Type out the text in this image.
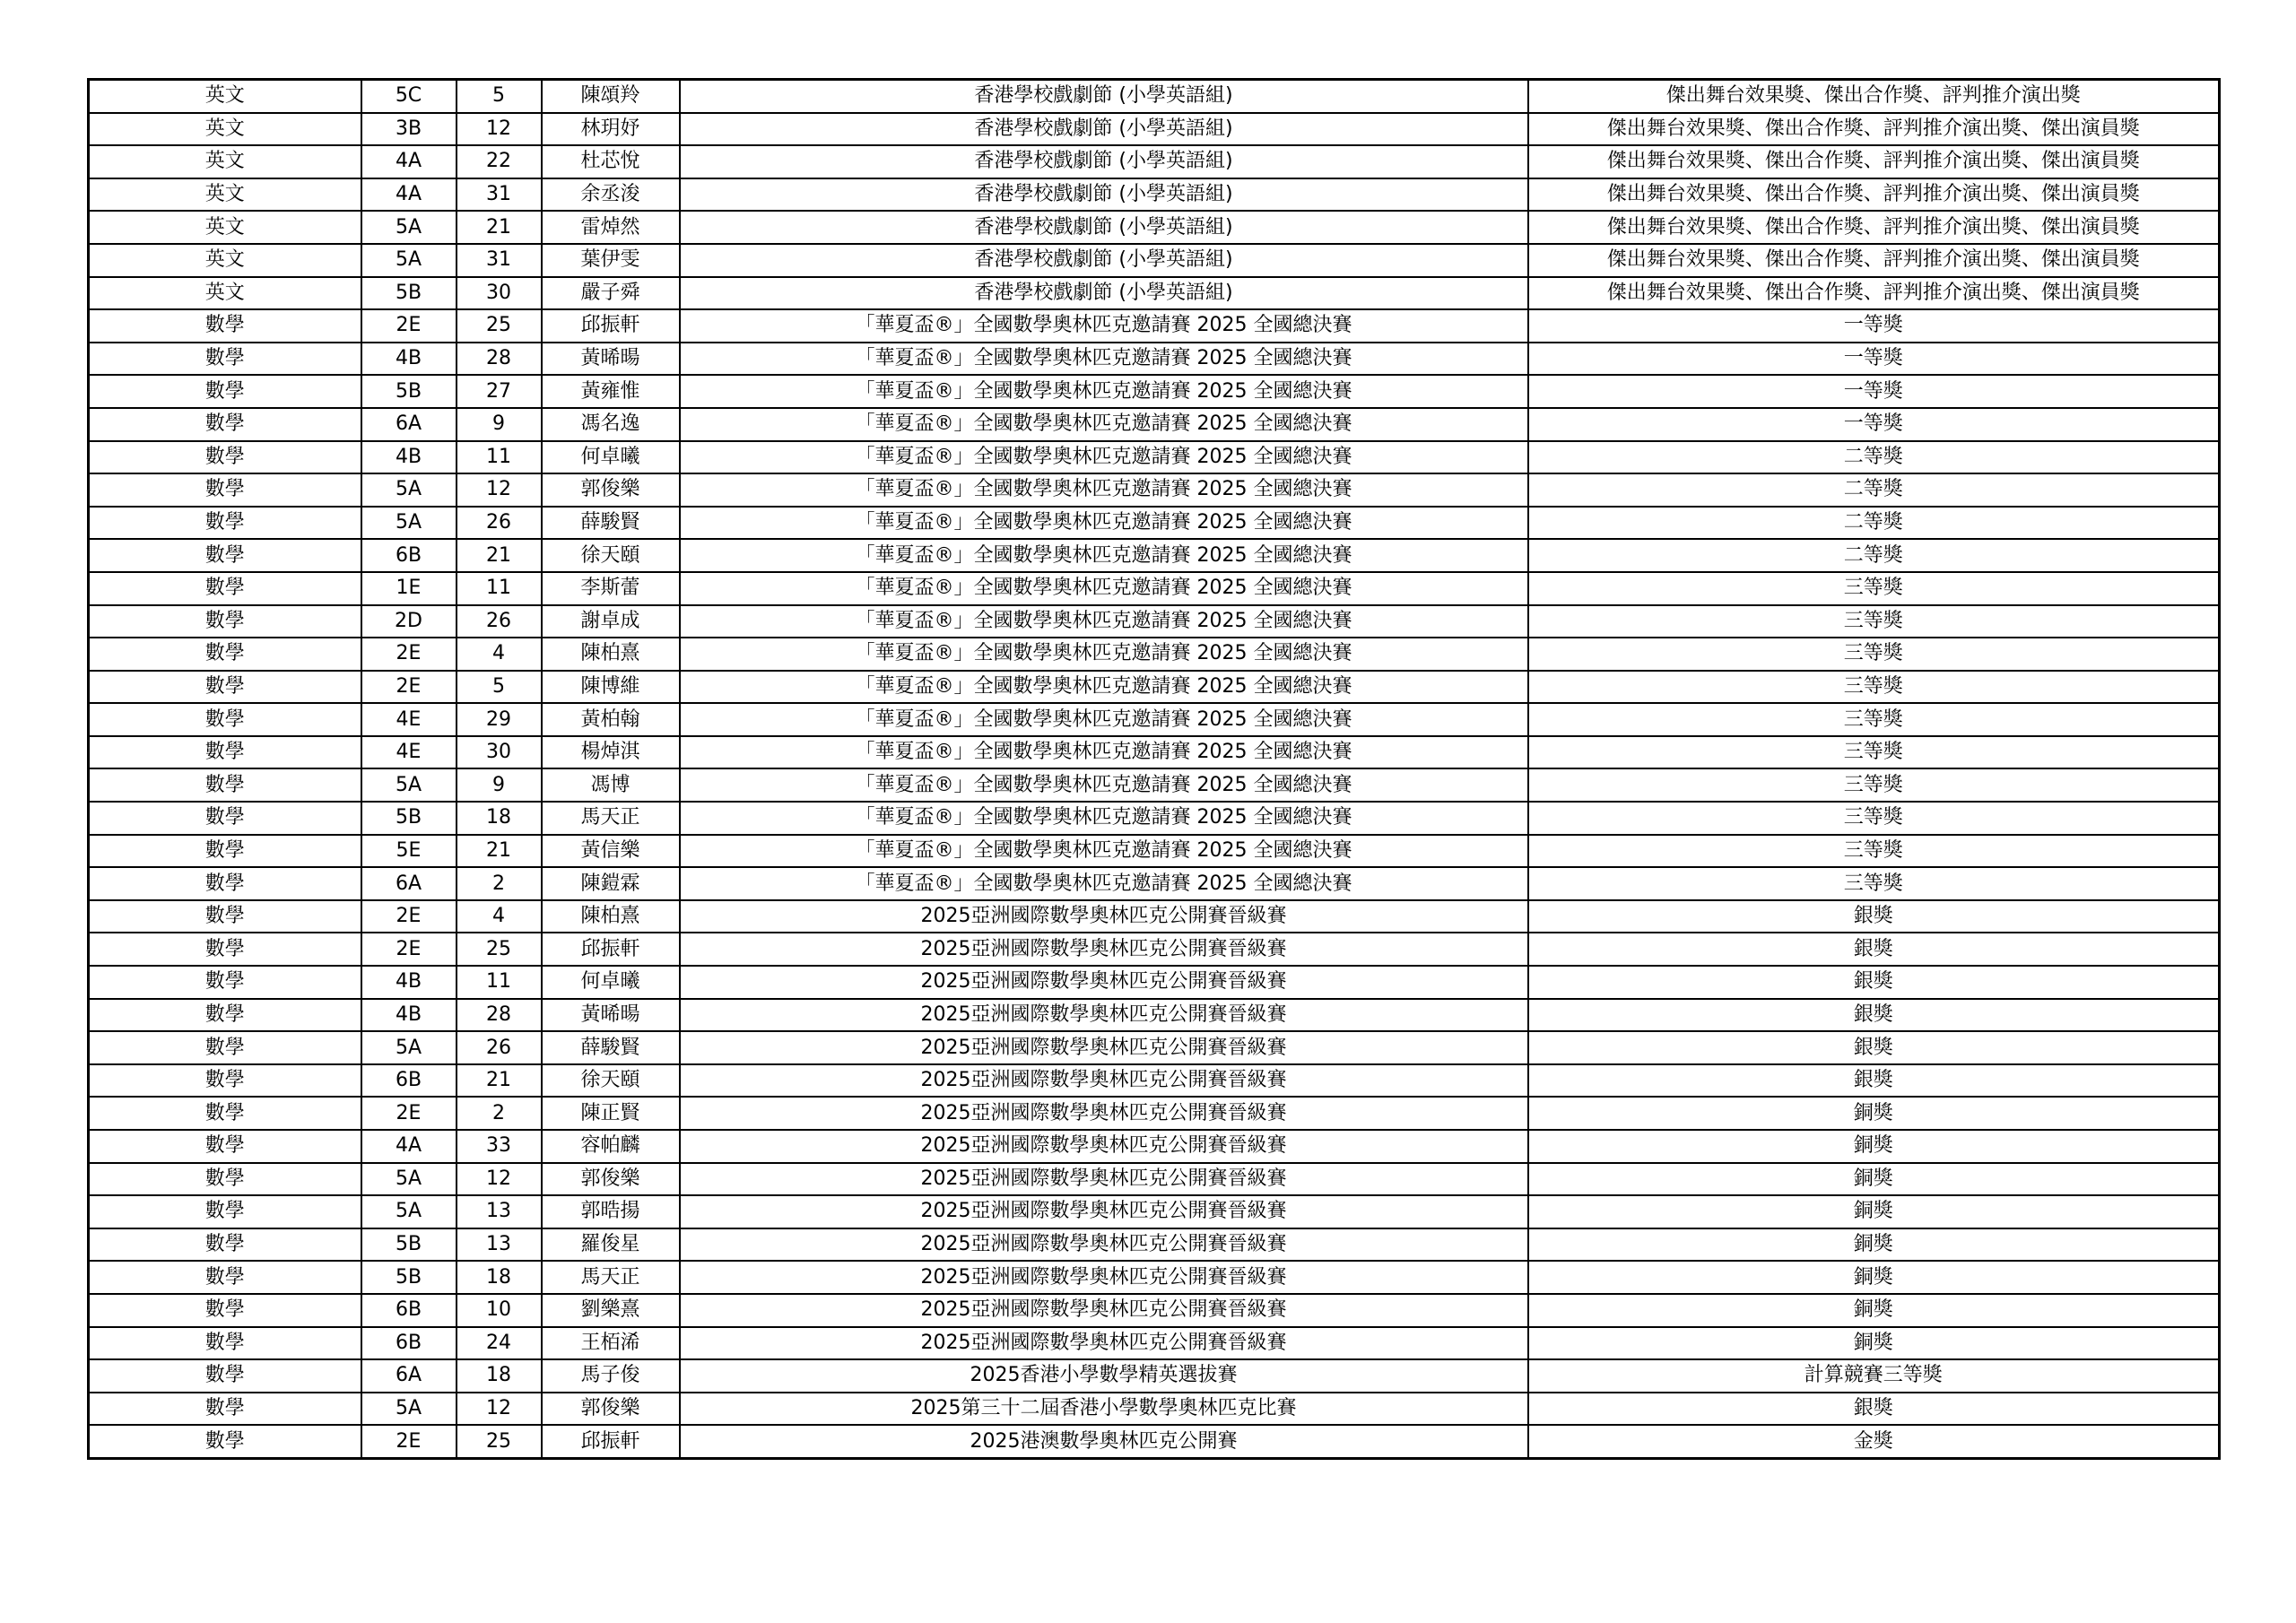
英文	5C	5	陳頌羚	香港學校戲劇節 (小學英語組)	傑出舞台效果獎、傑出合作獎、評判推介演出獎
英文	3B	12	林玥妤	香港學校戲劇節 (小學英語組)	傑出舞台效果獎、傑出合作獎、評判推介演出獎、傑出演員獎
英文	4A	22	杜芯悅	香港學校戲劇節 (小學英語組)	傑出舞台效果獎、傑出合作獎、評判推介演出獎、傑出演員獎
英文	4A	31	余丞浚	香港學校戲劇節 (小學英語組)	傑出舞台效果獎、傑出合作獎、評判推介演出獎、傑出演員獎
英文	5A	21	雷焯然	香港學校戲劇節 (小學英語組)	傑出舞台效果獎、傑出合作獎、評判推介演出獎、傑出演員獎
英文	5A	31	葉伊雯	香港學校戲劇節 (小學英語組)	傑出舞台效果獎、傑出合作獎、評判推介演出獎、傑出演員獎
英文	5B	30	嚴子舜	香港學校戲劇節 (小學英語組)	傑出舞台效果獎、傑出合作獎、評判推介演出獎、傑出演員獎
數學	2E	25	邱振軒	「華夏盃®」全國數學奧林匹克邀請賽 2025 全國總決賽	一等獎
數學	4B	28	黃晞暘	「華夏盃®」全國數學奧林匹克邀請賽 2025 全國總決賽	一等獎
數學	5B	27	黃雍惟	「華夏盃®」全國數學奧林匹克邀請賽 2025 全國總決賽	一等獎
數學	6A	9	馮名逸	「華夏盃®」全國數學奧林匹克邀請賽 2025 全國總決賽	一等獎
數學	4B	11	何卓曦	「華夏盃®」全國數學奧林匹克邀請賽 2025 全國總決賽	二等獎
數學	5A	12	郭俊樂	「華夏盃®」全國數學奧林匹克邀請賽 2025 全國總決賽	二等獎
數學	5A	26	薛駿賢	「華夏盃®」全國數學奧林匹克邀請賽 2025 全國總決賽	二等獎
數學	6B	21	徐天頤	「華夏盃®」全國數學奧林匹克邀請賽 2025 全國總決賽	二等獎
數學	1E	11	李斯蕾	「華夏盃®」全國數學奧林匹克邀請賽 2025 全國總決賽	三等獎
數學	2D	26	謝卓成	「華夏盃®」全國數學奧林匹克邀請賽 2025 全國總決賽	三等獎
數學	2E	4	陳柏熹	「華夏盃®」全國數學奧林匹克邀請賽 2025 全國總決賽	三等獎
數學	2E	5	陳博維	「華夏盃®」全國數學奧林匹克邀請賽 2025 全國總決賽	三等獎
數學	4E	29	黃柏翰	「華夏盃®」全國數學奧林匹克邀請賽 2025 全國總決賽	三等獎
數學	4E	30	楊焯淇	「華夏盃®」全國數學奧林匹克邀請賽 2025 全國總決賽	三等獎
數學	5A	9	馮博	「華夏盃®」全國數學奧林匹克邀請賽 2025 全國總決賽	三等獎
數學	5B	18	馬天正	「華夏盃®」全國數學奧林匹克邀請賽 2025 全國總決賽	三等獎
數學	5E	21	黃信樂	「華夏盃®」全國數學奧林匹克邀請賽 2025 全國總決賽	三等獎
數學	6A	2	陳鎧霖	「華夏盃®」全國數學奧林匹克邀請賽 2025 全國總決賽	三等獎
數學	2E	4	陳柏熹	2025亞洲國際數學奧林匹克公開賽晉級賽	銀獎
數學	2E	25	邱振軒	2025亞洲國際數學奧林匹克公開賽晉級賽	銀獎
數學	4B	11	何卓曦	2025亞洲國際數學奧林匹克公開賽晉級賽	銀獎
數學	4B	28	黃晞暘	2025亞洲國際數學奧林匹克公開賽晉級賽	銀獎
數學	5A	26	薛駿賢	2025亞洲國際數學奧林匹克公開賽晉級賽	銀獎
數學	6B	21	徐天頤	2025亞洲國際數學奧林匹克公開賽晉級賽	銀獎
數學	2E	2	陳正賢	2025亞洲國際數學奧林匹克公開賽晉級賽	銅獎
數學	4A	33	容帕麟	2025亞洲國際數學奧林匹克公開賽晉級賽	銅獎
數學	5A	12	郭俊樂	2025亞洲國際數學奧林匹克公開賽晉級賽	銅獎
數學	5A	13	郭晧揚	2025亞洲國際數學奧林匹克公開賽晉級賽	銅獎
數學	5B	13	羅俊星	2025亞洲國際數學奧林匹克公開賽晉級賽	銅獎
數學	5B	18	馬天正	2025亞洲國際數學奧林匹克公開賽晉級賽	銅獎
數學	6B	10	劉樂熹	2025亞洲國際數學奧林匹克公開賽晉級賽	銅獎
數學	6B	24	王栢浠	2025亞洲國際數學奧林匹克公開賽晉級賽	銅獎
數學	6A	18	馬子俊	2025香港小學數學精英選拔賽	計算競賽三等獎
數學	5A	12	郭俊樂	2025第三十二屆香港小學數學奧林匹克比賽	銀獎
數學	2E	25	邱振軒	2025港澳數學奧林匹克公開賽	金獎
